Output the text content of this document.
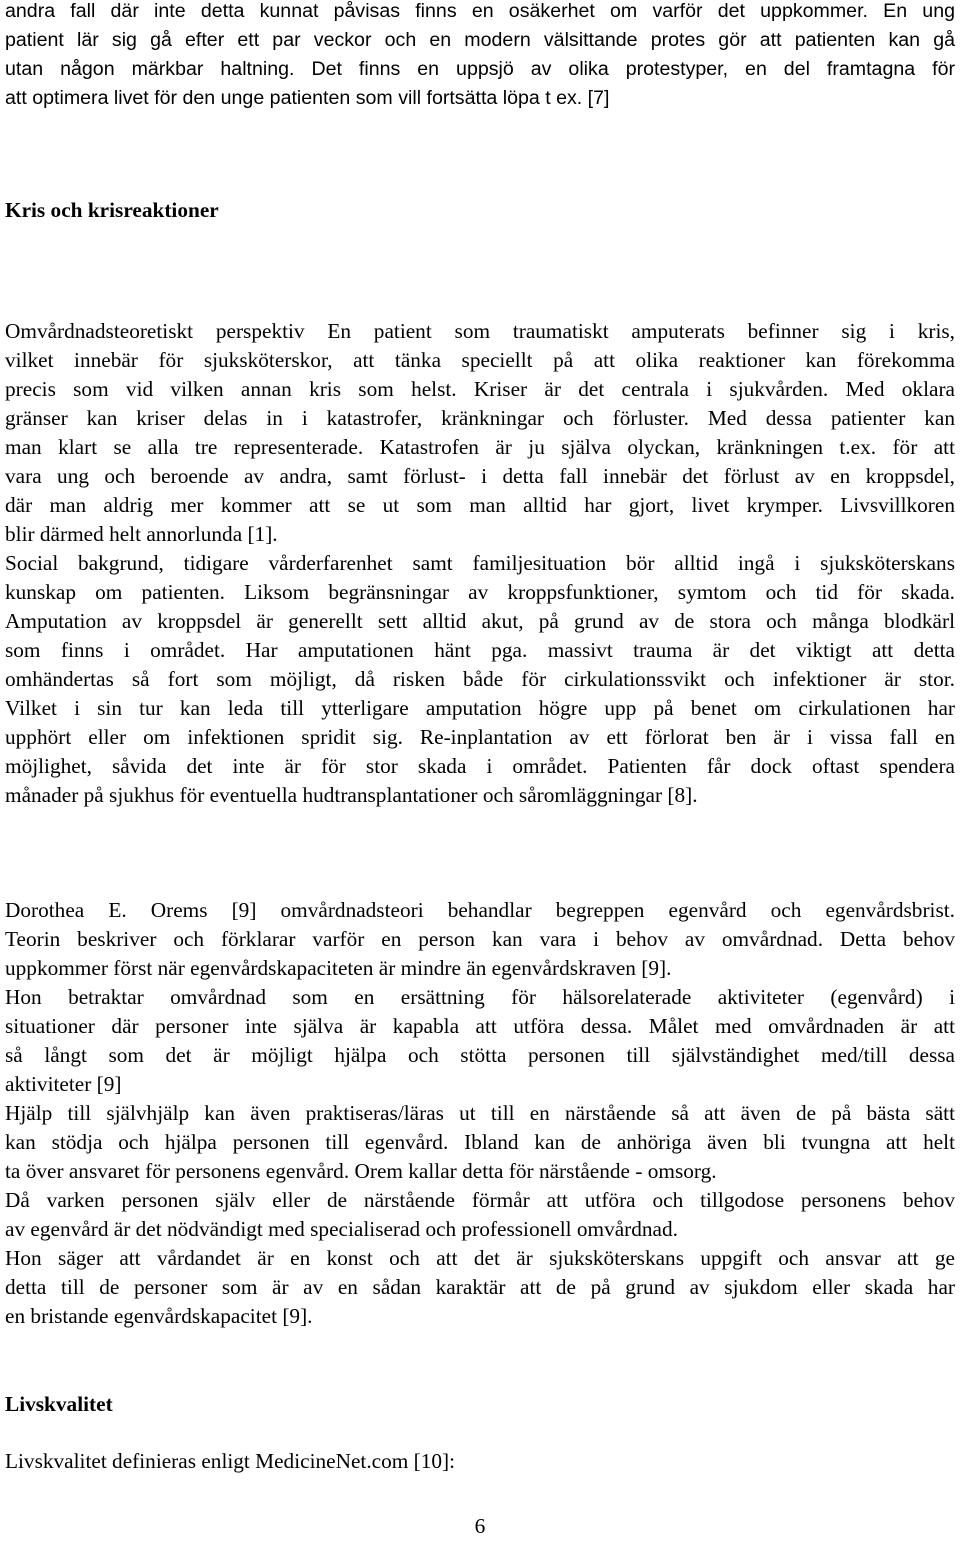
andra fall där inte detta kunnat påvisas finns en osäkerhet om varför det uppkommer. En ung
patient lär sig gå efter ett par veckor och en modern välsittande protes gör att patienten kan gå
utan någon märkbar haltning. Det finns en uppsjö av olika protestyper, en del framtagna för
att optimera livet för den unge patienten som vill fortsätta löpa t ex. [7]
Kris och krisreaktioner
Omvårdnadsteoretiskt perspektiv En patient som traumatiskt amputerats befinner sig i kris,
vilket innebär för sjuksköterskor, att tänka speciellt på att olika reaktioner kan förekomma
precis som vid vilken annan kris som helst. Kriser är det centrala i sjukvården. Med oklara
gränser kan kriser delas in i katastrofer, kränkningar och förluster. Med dessa patienter kan
man klart se alla tre representerade. Katastrofen är ju själva olyckan, kränkningen t.ex. för att
vara ung och beroende av andra, samt förlust- i detta fall innebär det förlust av en kroppsdel,
där man aldrig mer kommer att se ut som man alltid har gjort, livet krymper. Livsvillkoren
blir därmed helt annorlunda [1].
Social bakgrund, tidigare vårderfarenhet samt familjesituation bör alltid ingå i sjuksköterskans
kunskap om patienten. Liksom begränsningar av kroppsfunktioner, symtom och tid för skada.
Amputation av kroppsdel är generellt sett alltid akut, på grund av de stora och många blodkärl
som finns i området. Har amputationen hänt pga. massivt trauma är det viktigt att detta
omhändertas så fort som möjligt, då risken både för cirkulationssvikt och infektioner är stor.
Vilket i sin tur kan leda till ytterligare amputation högre upp på benet om cirkulationen har
upphört eller om infektionen spridit sig. Re-inplantation av ett förlorat ben är i vissa fall en
möjlighet, såvida det inte är för stor skada i området. Patienten får dock oftast spendera
månader på sjukhus för eventuella hudtransplantationer och såromläggningar [8].
Dorothea E. Orems [9] omvårdnadsteori behandlar begreppen egenvård och egenvårdsbrist.
Teorin beskriver och förklarar varför en person kan vara i behov av omvårdnad. Detta behov
uppkommer först när egenvårdskapaciteten är mindre än egenvårdskraven [9].
Hon betraktar omvårdnad som en ersättning för hälsorelaterade aktiviteter (egenvård) i
situationer där personer inte själva är kapabla att utföra dessa. Målet med omvårdnaden är att
så långt som det är möjligt hjälpa och stötta personen till självständighet med/till dessa
aktiviteter [9]
Hjälp till självhjälp kan även praktiseras/läras ut till en närstående så att även de på bästa sätt
kan stödja och hjälpa personen till egenvård. Ibland kan de anhöriga även bli tvungna att helt
ta över ansvaret för personens egenvård. Orem kallar detta för närstående - omsorg.
Då varken personen själv eller de närstående förmår att utföra och tillgodose personens behov
av egenvård är det nödvändigt med specialiserad och professionell omvårdnad.
Hon säger att vårdandet är en konst och att det är sjuksköterskans uppgift och ansvar att ge
detta till de personer som är av en sådan karaktär att de på grund av sjukdom eller skada har
en bristande egenvårdskapacitet [9].
Livskvalitet
Livskvalitet definieras enligt MedicineNet.com [10]:
6
